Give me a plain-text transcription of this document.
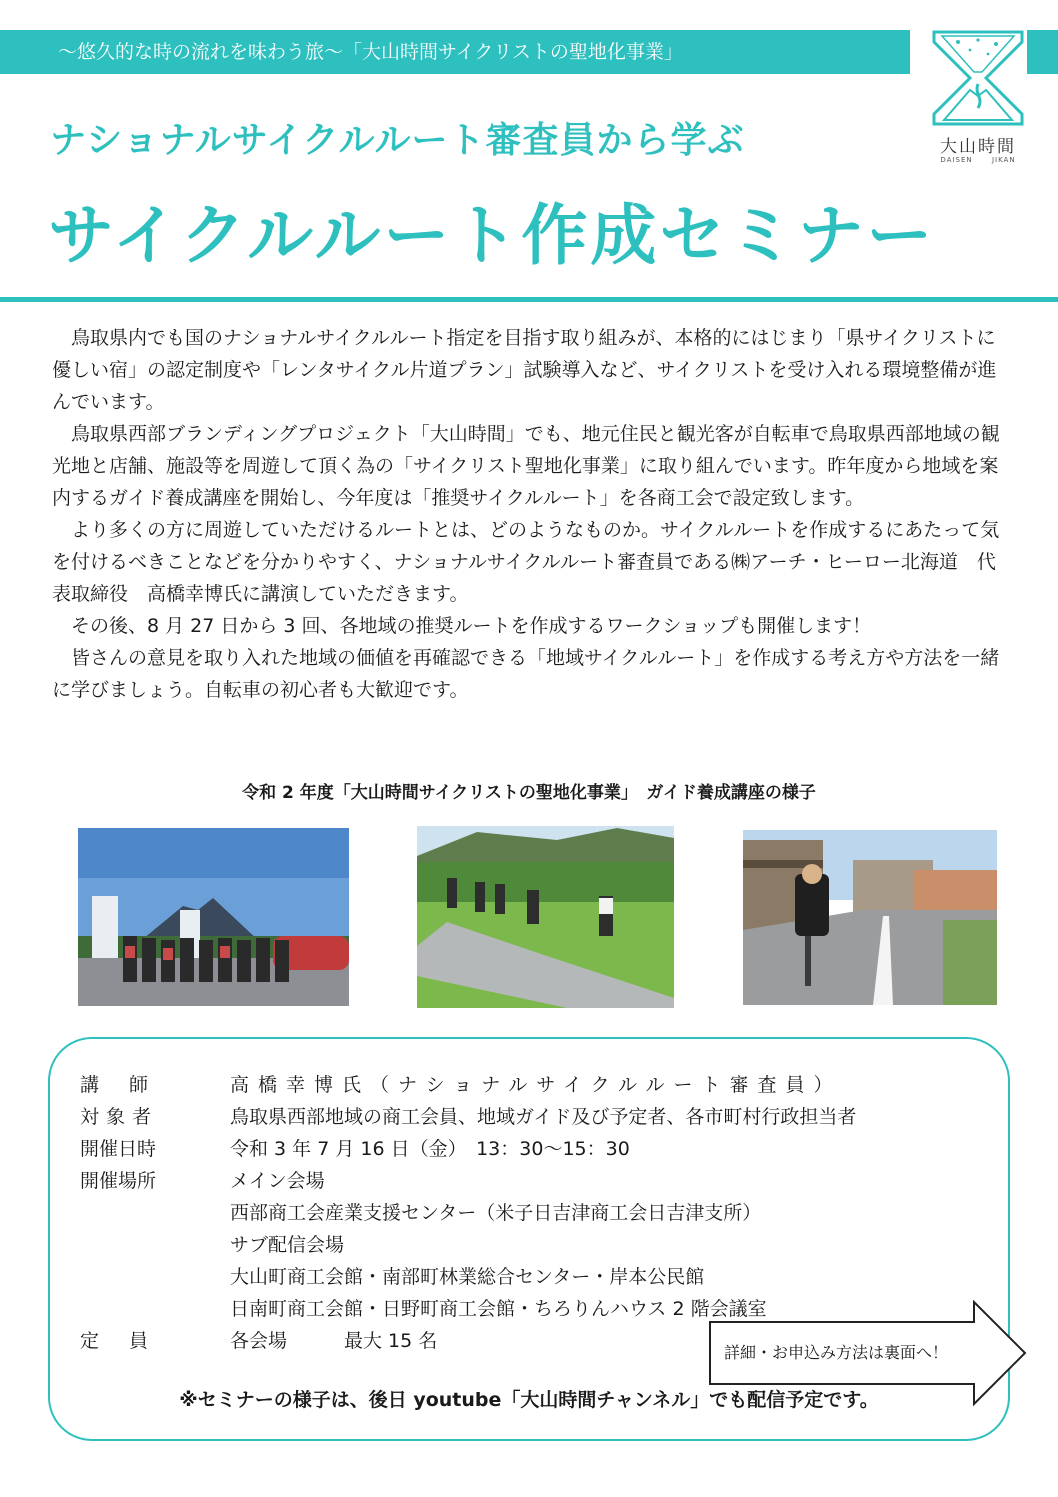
～悠久的な時の流れを味わう旅～「大山時間サイクリストの聖地化事業」
大山時間
DAISEN      JIKAN
ナショナルサイクルルート審査員から学ぶ
サイクルルート作成セミナー

鳥取県内でも国のナショナルサイクルルート指定を目指す取り組みが、本格的にはじまり「県サイクリストに優しい宿」の認定制度や「レンタサイクル片道プラン」試験導入など、サイクリストを受け入れる環境整備が進んでいます。

鳥取県西部ブランディングプロジェクト「大山時間」でも、地元住民と観光客が自転車で鳥取県西部地域の観光地と店舗、施設等を周遊して頂く為の「サイクリスト聖地化事業」に取り組んでいます。昨年度から地域を案内するガイド養成講座を開始し、今年度は「推奨サイクルルート」を各商工会で設定致します。

より多くの方に周遊していただけるルートとは、どのようなものか。サイクルルートを作成するにあたって気を付けるべきことなどを分かりやすく、ナショナルサイクルルート審査員である㈱アーチ・ヒーロー北海道　代表取締役　高橋幸博氏に講演していただきます。

その後、8 月 27 日から 3 回、各地域の推奨ルートを作成するワークショップも開催します！

皆さんの意見を取り入れた地域の価値を再確認できる「地域サイクルルート」を作成する考え方や方法を一緒に学びましょう。自転車の初心者も大歓迎です。

令和 2 年度「大山時間サイクリストの聖地化事業」　ガイド養成講座の様子
講師	高橋幸博氏（ナショナルサイクルルート審査員）
対象者	鳥取県西部地域の商工会員、地域ガイド及び予定者、各市町村行政担当者
開催日時	令和 3 年 7 月 16 日（金）　13：30～15：30
開催場所	メイン会場
西部商工会産業支援センター（米子日吉津商工会日吉津支所）
サブ配信会場
大山町商工会館・南部町林業総合センター・岸本公民館
日南町商工会館・日野町商工会館・ちろりんハウス 2 階会議室
定員	各会場　　　最大 15 名
詳細・お申込み方法は裏面へ！
※セミナーの様子は、後日 youtube「大山時間チャンネル」でも配信予定です。
